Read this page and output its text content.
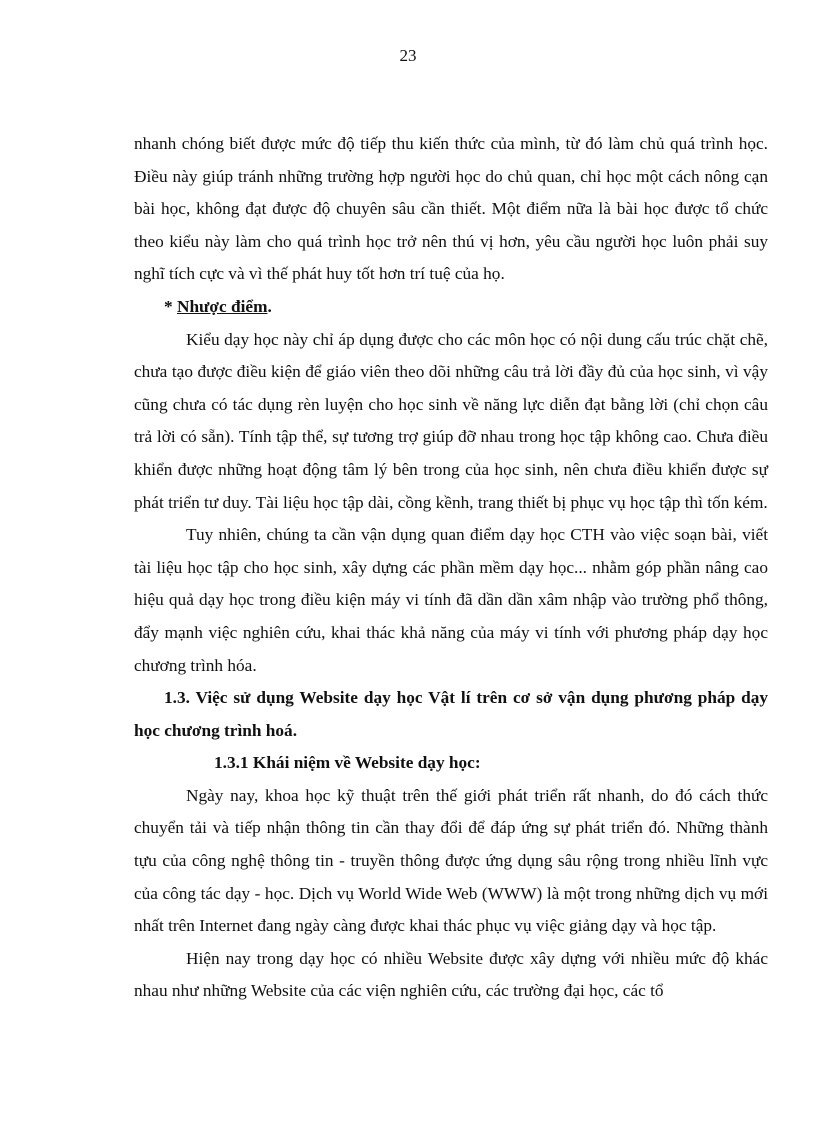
23

nhanh chóng biết được mức độ tiếp thu kiến thức của mình, từ đó làm chủ quá trình học. Điều này giúp tránh những trường hợp người học do chủ quan, chỉ học một cách nông cạn bài học, không đạt được độ chuyên sâu cần thiết. Một điểm nữa là bài học được tổ chức theo kiểu này làm cho quá trình học trở nên thú vị hơn, yêu cầu người học luôn phải suy nghĩ tích cực và vì thế phát huy tốt hơn trí tuệ của họ.

* Nhược điểm.

Kiểu dạy học này chỉ áp dụng được cho các môn học có nội dung cấu trúc chặt chẽ, chưa tạo được điều kiện để giáo viên theo dõi những câu trả lời đầy đủ của học sinh, vì vậy cũng chưa có tác dụng rèn luyện cho học sinh về năng lực diễn đạt bằng lời (chỉ chọn câu trả lời có sẵn). Tính tập thể, sự tương trợ giúp đỡ nhau trong học tập không cao. Chưa điều khiển được những hoạt động tâm lý bên trong của học sinh, nên chưa điều khiển được sự phát triển tư duy. Tài liệu học tập dài, cồng kềnh, trang thiết bị phục vụ học tập thì tốn kém.

Tuy nhiên, chúng ta cần vận dụng quan điểm dạy học CTH vào việc soạn bài, viết tài liệu học tập cho học sinh, xây dựng các phần mềm dạy học... nhằm góp phần nâng cao hiệu quả dạy học trong điều kiện máy vi tính đã dần dần xâm nhập vào trường phổ thông, đẩy mạnh việc nghiên cứu, khai thác khả năng của máy vi tính với phương pháp dạy học chương trình hóa.

1.3. Việc sử dụng Website dạy học Vật lí trên cơ sở vận dụng phương pháp dạy học chương trình hoá.

1.3.1 Khái niệm về Website dạy học:

Ngày nay, khoa học kỹ thuật trên thế giới phát triển rất nhanh, do đó cách thức chuyển tải và tiếp nhận thông tin cần thay đổi để đáp ứng sự phát triển đó. Những thành tựu của công nghệ thông tin - truyền thông được ứng dụng sâu rộng trong nhiều lĩnh vực của công tác dạy - học. Dịch vụ World Wide Web (WWW) là một trong những dịch vụ mới nhất trên Internet đang ngày càng được khai thác phục vụ việc giảng dạy và học tập.

Hiện nay trong dạy học có nhiều Website được xây dựng với nhiều mức độ khác nhau như những Website của các viện nghiên cứu, các trường đại học, các tổ
